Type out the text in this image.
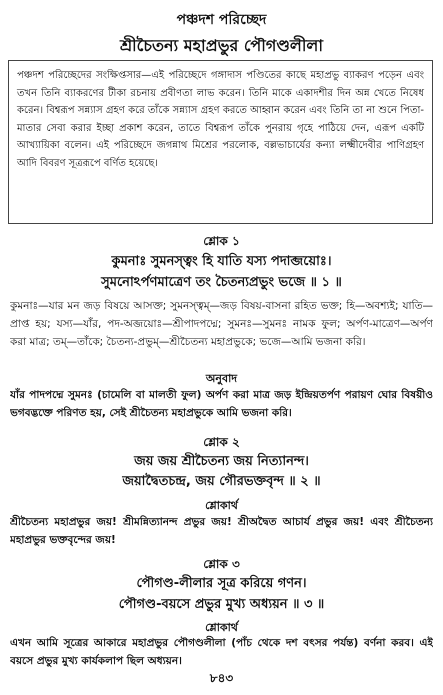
পঞ্চদশ পরিচ্ছেদ
শ্রীচৈতন্য মহাপ্রভুর পৌগণ্ডলীলা
পঞ্চদশ পরিচ্ছেদের সংক্ষিপ্তসার—এই পরিচ্ছেদে গঙ্গাদাস পণ্ডিতের কাছে মহাপ্রভু ব্যাকরণ পড়েন এবং তখন তিনি ব্যাকরণের টীকা রচনায় প্রবীণতা লাভ করেন। তিনি মাকে একাদশীর দিন অন্ন খেতে নিষেধ করেন। বিশ্বরূপ সন্ন্যাস গ্রহণ করে তাঁকে সন্ন্যাস গ্রহণ করতে আহ্বান করেন এবং তিনি তা না শুনে পিতা-মাতার সেবা করার ইচ্ছা প্রকাশ করেন, তাতে বিশ্বরূপ তাঁকে পুনরায় গৃহে পাঠিয়ে দেন, এরূপ একটি আখ্যায়িকা বলেন। এই পরিচ্ছেদে জগন্নাথ মিশ্রের পরলোক, বল্লভাচার্যের কন্যা লক্ষ্মীদেবীর পাণিগ্রহণ আদি বিবরণ সূত্ররূপে বর্ণিত হয়েছে।
শ্লোক ১
কুমনাঃ সুমনস্ত্বং হি যাতি যস্য পদাব্জয়োঃ।
সুমনোঽর্পণমাত্রেণ তং চৈতন্যপ্রভুং ভজে ॥ ১ ॥
কুমনাঃ—যার মন জড় বিষয়ে আসক্ত; সুমনস্ত্বম্—জড় বিষয়-বাসনা রহিত ভক্ত; হি—অবশ্যই; যাতি—প্রাপ্ত হয়; যস্য—যাঁর, পদ-অব্জয়োঃ—শ্রীপাদপদ্মে; সুমনঃ—সুমনঃ নামক ফুল; অর্পণ-মাত্রেণ—অর্পণ করা মাত্র; তম্—তাঁকে; চৈতন্য-প্রভুম্—শ্রীচৈতন্য মহাপ্রভুকে; ভজে—আমি ভজনা করি।
অনুবাদ
যাঁর পাদপদ্মে সুমনঃ (চামেলি বা মালতী ফুল) অর্পণ করা মাত্র জড় ইন্দ্রিয়তর্পণ পরায়ণ ঘোর বিষয়ীও ভগবদ্ভক্তে পরিণত হয়, সেই শ্রীচৈতন্য মহাপ্রভুকে আমি ভজনা করি।
শ্লোক ২
জয় জয় শ্রীচৈতন্য জয় নিত্যানন্দ।
জয়াদ্বৈতচন্দ্র, জয় গৌরভক্তবৃন্দ ॥ ২ ॥
শ্লোকার্থ
শ্রীচৈতন্য মহাপ্রভুর জয়! শ্রীমন্নিত্যানন্দ প্রভুর জয়! শ্রীঅদ্বৈত আচার্য প্রভুর জয়! এবং শ্রীচৈতন্য মহাপ্রভুর ভক্তবৃন্দের জয়!
শ্লোক ৩
পৌগণ্ড-লীলার সূত্র করিয়ে গণন।
পৌগণ্ড-বয়সে প্রভুর মুখ্য অধ্যয়ন ॥ ৩ ॥
শ্লোকার্থ
এখন আমি সূত্রের আকারে মহাপ্রভুর পৌগণ্ডলীলা (পাঁচ থেকে দশ বৎসর পর্যন্ত) বর্ণনা করব। এই বয়সে প্রভুর মুখ্য কার্যকলাপ ছিল অধ্যয়ন।
৮৪৩
